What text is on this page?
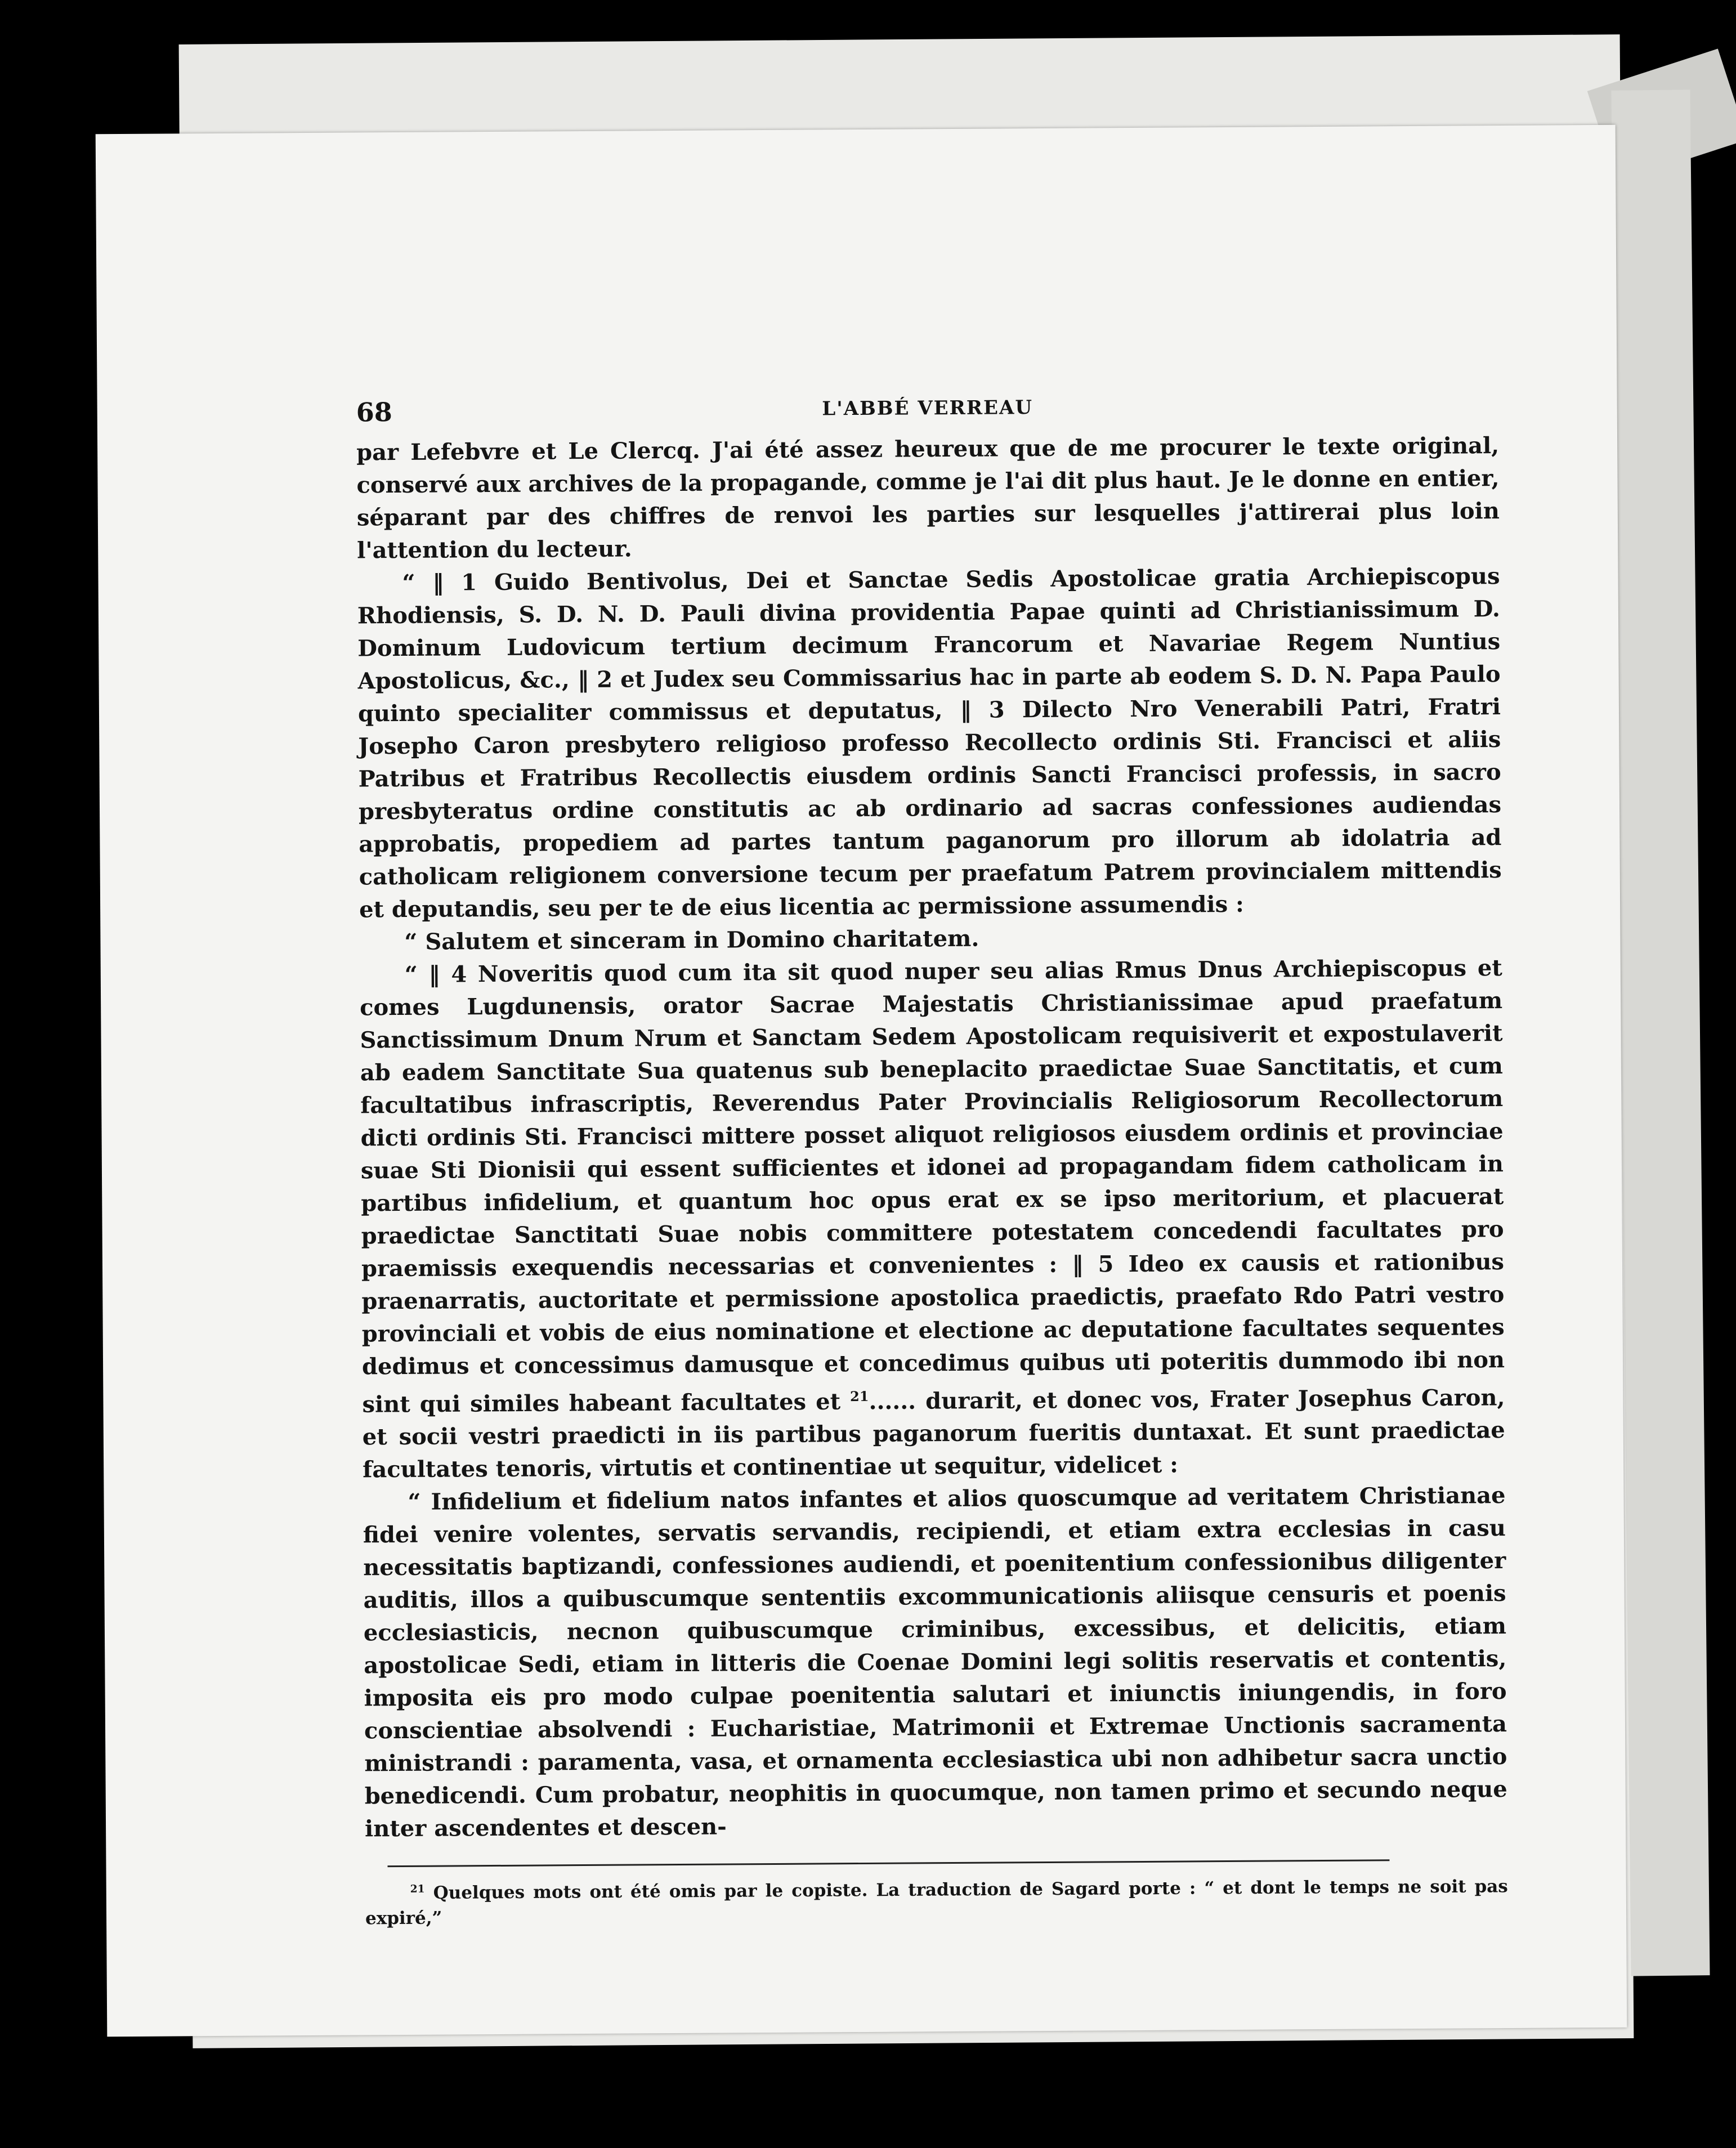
68	L'ABBÉ VERREAU

par Lefebvre et Le Clercq. J'ai été assez heureux que de me procurer le texte original, conservé aux archives de la propagande, comme je l'ai dit plus haut. Je le donne en entier, séparant par des chiffres de renvoi les parties sur lesquelles j'attirerai plus loin l'attention du lecteur.

“ ‖ 1 Guido Bentivolus, Dei et Sanctae Sedis Apostolicae gratia Archiepiscopus Rhodiensis, S. D. N. D. Pauli divina providentia Papae quinti ad Christianissimum D. Dominum Ludovicum tertium decimum Francorum et Navariae Regem Nuntius Apostolicus, &c., ‖ 2 et Judex seu Commissarius hac in parte ab eodem S. D. N. Papa Paulo quinto specialiter commissus et deputatus, ‖ 3 Dilecto Nro Venerabili Patri, Fratri Josepho Caron presbytero religioso professo Recollecto ordinis Sti. Francisci et aliis Patribus et Fratribus Recollectis eiusdem ordinis Sancti Francisci professis, in sacro presbyteratus ordine constitutis ac ab ordinario ad sacras confessiones audiendas approbatis, propediem ad partes tantum paganorum pro illorum ab idolatria ad catholicam religionem conversione tecum per praefatum Patrem provincialem mittendis et deputandis, seu per te de eius licentia ac permissione assumendis :

“ Salutem et sinceram in Domino charitatem.

“ ‖ 4 Noveritis quod cum ita sit quod nuper seu alias Rmus Dnus Archiepiscopus et comes Lugdunensis, orator Sacrae Majestatis Christianissimae apud praefatum Sanctissimum Dnum Nrum et Sanctam Sedem Apostolicam requisiverit et expostulaverit ab eadem Sanctitate Sua quatenus sub beneplacito praedictae Suae Sanctitatis, et cum facultatibus infrascriptis, Reverendus Pater Provincialis Religiosorum Recollectorum dicti ordinis Sti. Francisci mittere posset aliquot religiosos eiusdem ordinis et provinciae suae Sti Dionisii qui essent sufficientes et idonei ad propagandam fidem catholicam in partibus infidelium, et quantum hoc opus erat ex se ipso meritorium, et placuerat praedictae Sanctitati Suae nobis committere potestatem concedendi facultates pro praemissis exequendis necessarias et convenientes : ‖ 5 Ideo ex causis et rationibus praenarratis, auctoritate et permissione apostolica praedictis, praefato Rdo Patri vestro provinciali et vobis de eius nominatione et electione ac deputatione facultates sequentes dedimus et concessimus damusque et concedimus quibus uti poteritis dummodo ibi non sint qui similes habeant facultates et $^{21}$...... durarit, et donec vos, Frater Josephus Caron, et socii vestri praedicti in iis partibus paganorum fueritis duntaxat. Et sunt praedictae facultates tenoris, virtutis et continentiae ut sequitur, videlicet :

“ Infidelium et fidelium natos infantes et alios quoscumque ad veritatem Christianae fidei venire volentes, servatis servandis, recipiendi, et etiam extra ecclesias in casu necessitatis baptizandi, confessiones audiendi, et poenitentium confessionibus diligenter auditis, illos a quibuscumque sententiis excommunicationis aliisque censuris et poenis ecclesiasticis, necnon quibuscumque criminibus, excessibus, et delicitis, etiam apostolicae Sedi, etiam in litteris die Coenae Domini legi solitis reservatis et contentis, imposita eis pro modo culpae poenitentia salutari et iniunctis iniungendis, in foro conscientiae absolvendi : Eucharistiae, Matrimonii et Extremae Unctionis sacramenta ministrandi : paramenta, vasa, et ornamenta ecclesiastica ubi non adhibetur sacra unctio benedicendi. Cum probatur, neophitis in quocumque, non tamen primo et secundo neque inter ascendentes et descen-

$^{21}$ Quelques mots ont été omis par le copiste. La traduction de Sagard porte : “ et dont le temps ne soit pas expiré,”
